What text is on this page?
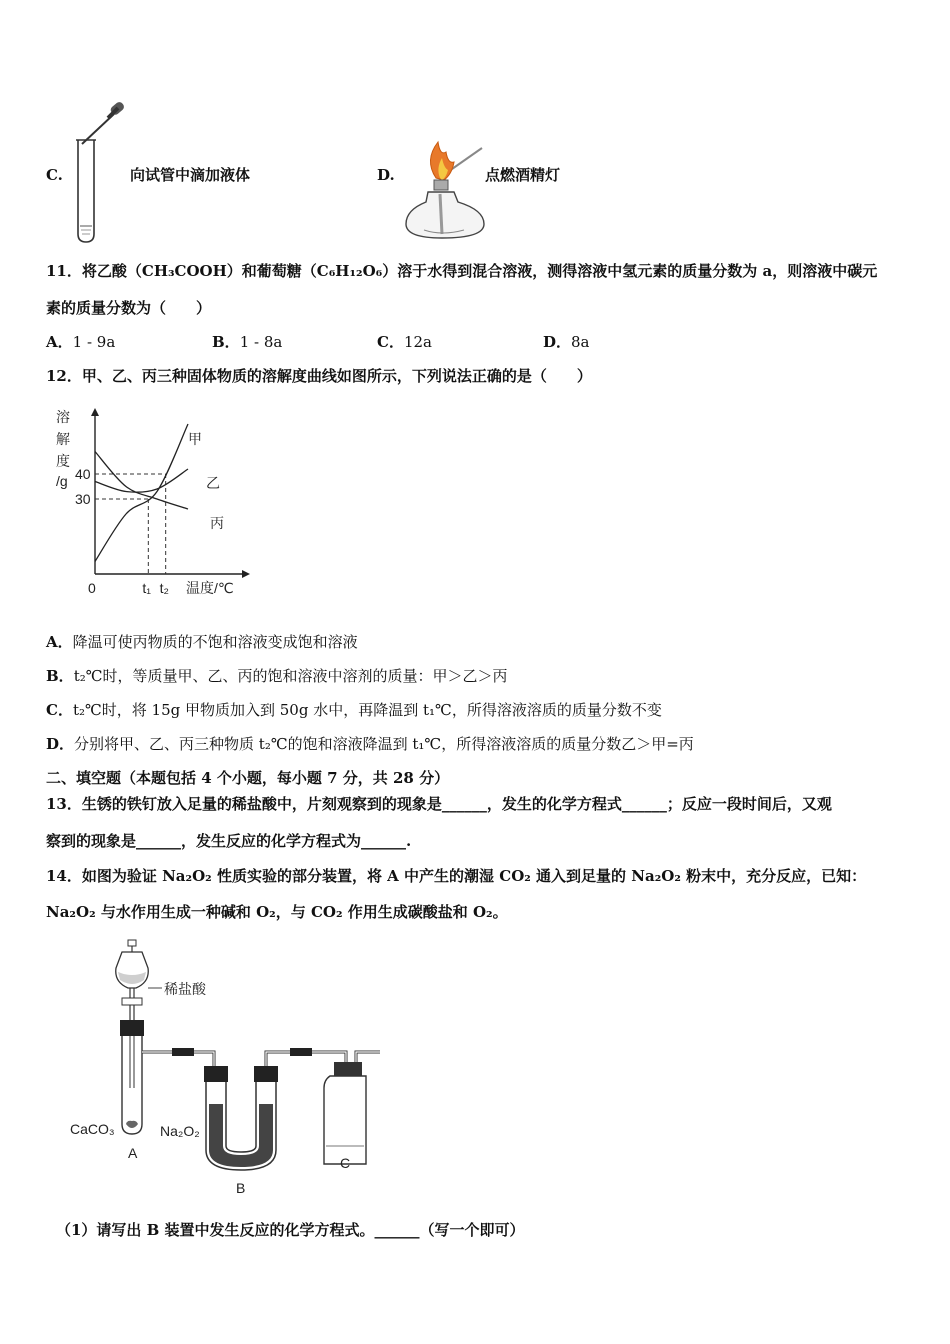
C.	向试管中滴加液体	D.	点燃酒精灯
11．将乙酸（CH₃COOH）和葡萄糖（C₆H₁₂O₆）溶于水得到混合溶液，测得溶液中氢元素的质量分数为 a，则溶液中碳元
素的质量分数为（　　）
A．1 - 9a	B．1 - 8a	C．12a	D．8a
12．甲、乙、丙三种固体物质的溶解度曲线如图所示，下列说法正确的是（　　）
溶
解
度
/g
甲
乙
丙
40
30
0	t₁ t₂ 温度/℃
A．降温可使丙物质的不饱和溶液变成饱和溶液
B．t₂℃时，等质量甲、乙、丙的饱和溶液中溶剂的质量：甲＞乙＞丙
C．t₂℃时，将 15g 甲物质加入到 50g 水中，再降温到 t₁℃，所得溶液溶质的质量分数不变
D．分别将甲、乙、丙三种物质 t₂℃的饱和溶液降温到 t₁℃，所得溶液溶质的质量分数乙＞甲=丙
二、填空题（本题包括 4 个小题，每小题 7 分，共 28 分）
13．生锈的铁钉放入足量的稀盐酸中，片刻观察到的现象是______，发生的化学方程式______；反应一段时间后，又观
察到的现象是______，发生反应的化学方程式为______.
14．如图为验证 Na₂O₂ 性质实验的部分装置，将 A 中产生的潮湿 CO₂ 通入到足量的 Na₂O₂ 粉末中，充分反应，已知：
Na₂O₂ 与水作用生成一种碱和 O₂，与 CO₂ 作用生成碳酸盐和 O₂。
稀盐酸
CaCO₃	Na₂O₂
A
B
C
（1）请写出 B 装置中发生反应的化学方程式。______（写一个即可）
